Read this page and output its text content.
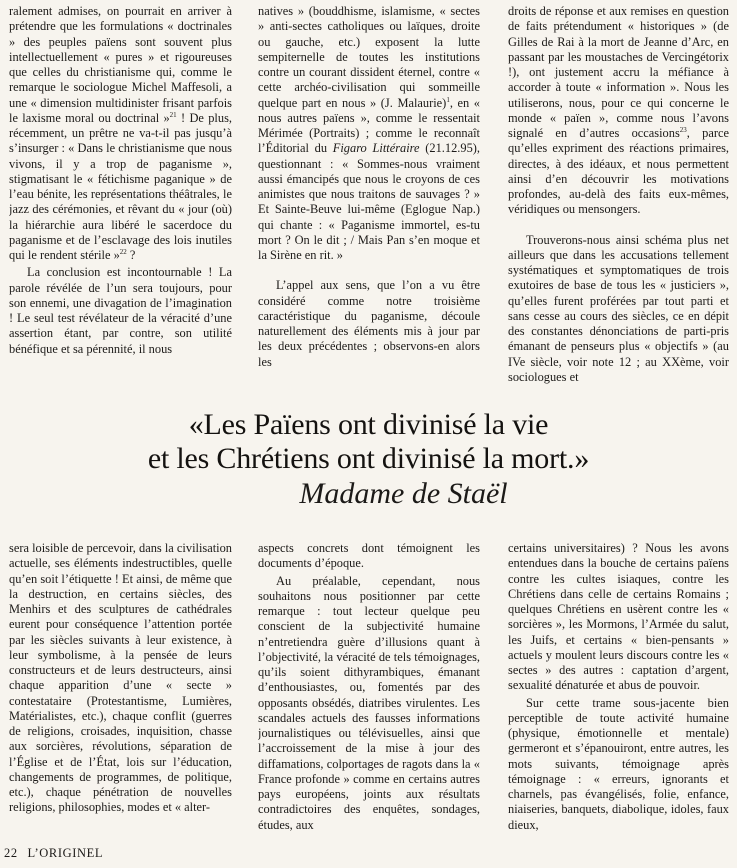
ralement admises, on pourrait en arriver à prétendre que les formulations « doctrinales » des peuples païens sont souvent plus intellectuellement « pures » et rigoureuses que celles du christianisme qui, comme le remarque le sociologue Michel Maffesoli, a une « dimension multidinister frisant parfois le laxisme moral ou doctrinal »$^{21}$ ! De plus, récemment, un prêtre ne va-t-il pas jusqu’à s’insurger : « Dans le christianisme que nous vivons, il y a trop de paganisme », stigmatisant le « fétichisme paganique » de l’eau bénite, les représentations théâtrales, le jazz des cérémonies, et rêvant du « jour (où) la hiérarchie aura libéré le sacerdoce du paganisme et de l’esclavage des lois inutiles qui le rendent stérile »$^{22}$ ?

La conclusion est incontournable ! La parole révélée de l’un sera toujours, pour son ennemi, une divagation de l’imagination ! Le seul test révélateur de la véracité d’une assertion étant, par contre, son utilité bénéfique et sa pérennité, il nous

natives » (bouddhisme, islamisme, « sectes » anti-sectes catholiques ou laïques, droite ou gauche, etc.) exposent la lutte sempiternelle de toutes les institutions contre un courant dissident éternel, contre « cette archéo-civilisation qui sommeille quelque part en nous » (J. Malaurie)$^1$, en « nous autres païens », comme le ressentait Mérimée (Portraits) ; comme le reconnaît l’Éditorial du Figaro Littéraire (21.12.95), questionnant : « Sommes-nous vraiment aussi émancipés que nous le croyons de ces animistes que nous traitons de sauvages ? » Et Sainte-Beuve lui-même (Eglogue Nap.) qui chante : « Paganisme immortel, es-tu mort ? On le dit ; / Mais Pan s’en moque et la Sirène en rit. »

L’appel aux sens, que l’on a vu être considéré comme notre troisième caractéristique du paganisme, découle naturellement des éléments mis à jour par les deux précédentes ; observons-en alors les

droits de réponse et aux remises en question de faits prétendument « historiques » (de Gilles de Rai à la mort de Jeanne d’Arc, en passant par les moustaches de Vercingétorix !), ont justement accru la méfiance à accorder à toute « information ». Nous les utiliserons, nous, pour ce qui concerne le monde « païen », comme nous l’avons signalé en d’autres occasions$^{23}$, parce qu’elles expriment des réactions primaires, directes, à des idéaux, et nous permettent ainsi d’en découvrir les motivations profondes, au-delà des faits eux-mêmes, véridiques ou mensongers.

Trouverons-nous ainsi schéma plus net ailleurs que dans les accusations tellement systématiques et symptomatiques de trois exutoires de base de tous les « justiciers », qu’elles furent proférées par tout parti et sans cesse au cours des siècles, ce en dépit des constantes dénonciations de parti-pris émanant de penseurs plus « objectifs » (au IVe siècle, voir note 12 ; au XXème, voir sociologues et

«Les Païens ont divinisé la vie
et les Chrétiens ont divinisé la mort.»
Madame de Staël

sera loisible de percevoir, dans la civilisation actuelle, ses éléments indestructibles, quelle qu’en soit l’étiquette ! Et ainsi, de même que la destruction, en certains siècles, des Menhirs et des sculptures de cathédrales eurent pour conséquence l’attention portée par les siècles suivants à leur existence, à leur symbolisme, à la pensée de leurs constructeurs et de leurs destructeurs, ainsi chaque apparition d’une « secte » contestataire (Protestantisme, Lumières, Matérialistes, etc.), chaque conflit (guerres de religions, croisades, inquisition, chasse aux sorcières, révolutions, séparation de l’Église et de l’État, lois sur l’éducation, changements de programmes, de politique, etc.), chaque pénétration de nouvelles religions, philosophies, modes et « alter-

aspects concrets dont témoignent les documents d’époque.

Au préalable, cependant, nous souhaitons nous positionner par cette remarque : tout lecteur quelque peu conscient de la subjectivité humaine n’entretiendra guère d’illusions quant à l’objectivité, la véracité de tels témoignages, qu’ils soient dithyrambiques, émanant d’enthousiastes, ou, fomentés par des opposants obsédés, diatribes virulentes. Les scandales actuels des fausses informations journalistiques ou télévisuelles, ainsi que l’accroissement de la mise à jour des diffamations, colportages de ragots dans la « France profonde » comme en certains autres pays européens, joints aux résultats contradictoires des enquêtes, sondages, études, aux

certains universitaires) ? Nous les avons entendues dans la bouche de certains païens contre les cultes isiaques, contre les Chrétiens dans celle de certains Romains ; quelques Chrétiens en usèrent contre les « sorcières », les Mormons, l’Armée du salut, les Juifs, et certains « bien-pensants » actuels y moulent leurs discours contre les « sectes » des autres : captation d’argent, sexualité dénaturée et abus de pouvoir.

Sur cette trame sous-jacente bien perceptible de toute activité humaine (physique, émotionnelle et mentale) germeront et s’épanouiront, entre autres, les mots suivants, témoignage après témoignage : « erreurs, ignorants et charnels, pas évangélisés, folie, enfance, niaiseries, banquets, diabolique, idoles, faux dieux,

22 L’ORIGINEL
